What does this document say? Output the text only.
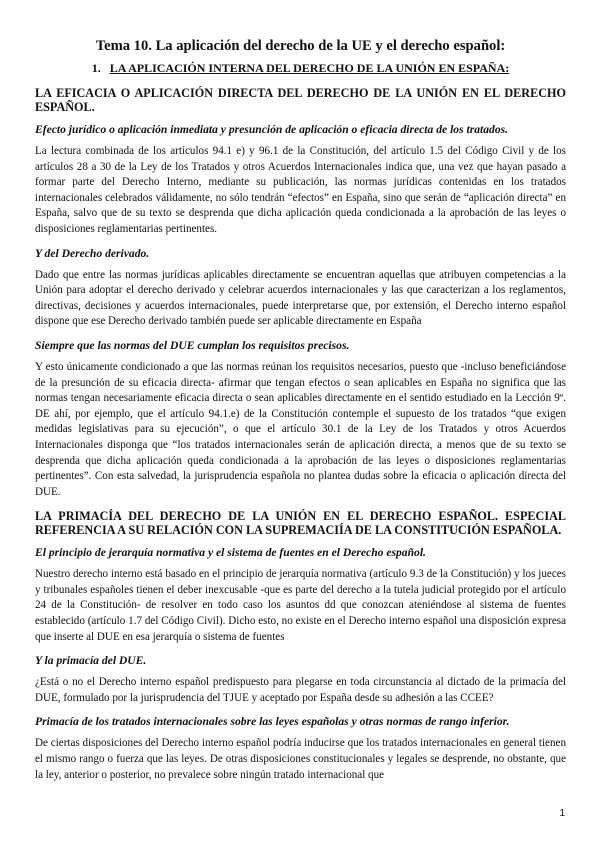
Tema 10. La aplicación del derecho de la UE y el derecho español:
1. LA APLICACIÓN INTERNA DEL DERECHO DE LA UNIÓN EN ESPAÑA:
LA EFICACIA O APLICACIÓN DIRECTA DEL DERECHO DE LA UNIÓN EN EL DERECHO ESPAÑOL.
Efecto jurídico o aplicación inmediata y presunción de aplicación o eficacia directa de los tratados.
La lectura combinada de los artículos 94.1 e) y 96.1 de la Constitución, del artículo 1.5 del Código Civil y de los artículos 28 a 30 de la Ley de los Tratados y otros Acuerdos Internacionales indica que, una vez que hayan pasado a formar parte del Derecho Interno, mediante su publicación, las normas jurídicas contenidas en los tratados internacionales celebrados válidamente, no sólo tendrán “efectos” en España, sino que serán de “aplicación directa” en España, salvo que de su texto se desprenda que dicha aplicación queda condicionada a la aprobación de las leyes o disposiciones reglamentarias pertinentes.
Y del Derecho derivado.
Dado que entre las normas jurídicas aplicables directamente se encuentran aquellas que atribuyen competencias a la Unión para adoptar el derecho derivado y celebrar acuerdos internacionales y las que caracterizan a los reglamentos, directivas, decisiones y acuerdos internacionales, puede interpretarse que, por extensión, el Derecho interno español dispone que ese Derecho derivado también puede ser aplicable directamente en España
Siempre que las normas del DUE cumplan los requisitos precisos.
Y esto únicamente condicionado a que las normas reúnan los requisitos necesarios, puesto que -incluso beneficiándose de la presunción de su eficacia directa- afirmar que tengan efectos o sean aplicables en España no significa que las normas tengan necesariamente eficacia directa o sean aplicables directamente en el sentido estudiado en la Lección 9º. DE ahí, por ejemplo, que el artículo 94.1.e) de la Constitución contemple el supuesto de los tratados “que exigen medidas legislativas para su ejecución”, o que el artículo 30.1 de la Ley de los Tratados y otros Acuerdos Internacionales disponga que “los tratados internacionales serán de aplicación directa, a menos que de su texto se desprenda que dicha aplicación queda condicionada a la aprobación de las leyes o disposiciones reglamentarias pertinentes”. Con esta salvedad, la jurisprudencia española no plantea dudas sobre la eficacia o aplicación directa del DUE.
LA PRIMACÍA DEL DERECHO DE LA UNIÓN EN EL DERECHO ESPAÑOL. ESPECIAL REFERENCIA A SU RELACIÓN CON LA SUPREMACIÍA DE LA CONSTITUCIÓN ESPAÑOLA.
El principio de jerarquía normativa y el sistema de fuentes en el Derecho español.
Nuestro derecho interno está basado en el principio de jerarquía normativa (artículo 9.3 de la Constitución) y los jueces y tribunales españoles tienen el deber inexcusable -que es parte del derecho a la tutela judicial protegido por el artículo 24 de la Constitución- de resolver en todo caso los asuntos dd que conozcan ateniéndose al sistema de fuentes establecido (artículo 1.7 del Código Civil). Dicho esto, no existe en el Derecho interno español una disposición expresa que inserte al DUE en esa jerarquía o sistema de fuentes
Y la primacía del DUE.
¿Está o no el Derecho interno español predispuesto para plegarse en toda circunstancia al dictado de la primacía del DUE, formulado por la jurisprudencia del TJUE y aceptado por España desde su adhesión a las CCEE?
Primacía de los tratados internacionales sobre las leyes españolas y otras normas de rango inferior.
De ciertas disposiciones del Derecho interno español podría inducirse que los tratados internacionales en general tienen el mismo rango o fuerza que las leyes. De otras disposiciones constitucionales y legales se desprende, no obstante, que la ley, anterior o posterior, no prevalece sobre ningún tratado internacional que
1
